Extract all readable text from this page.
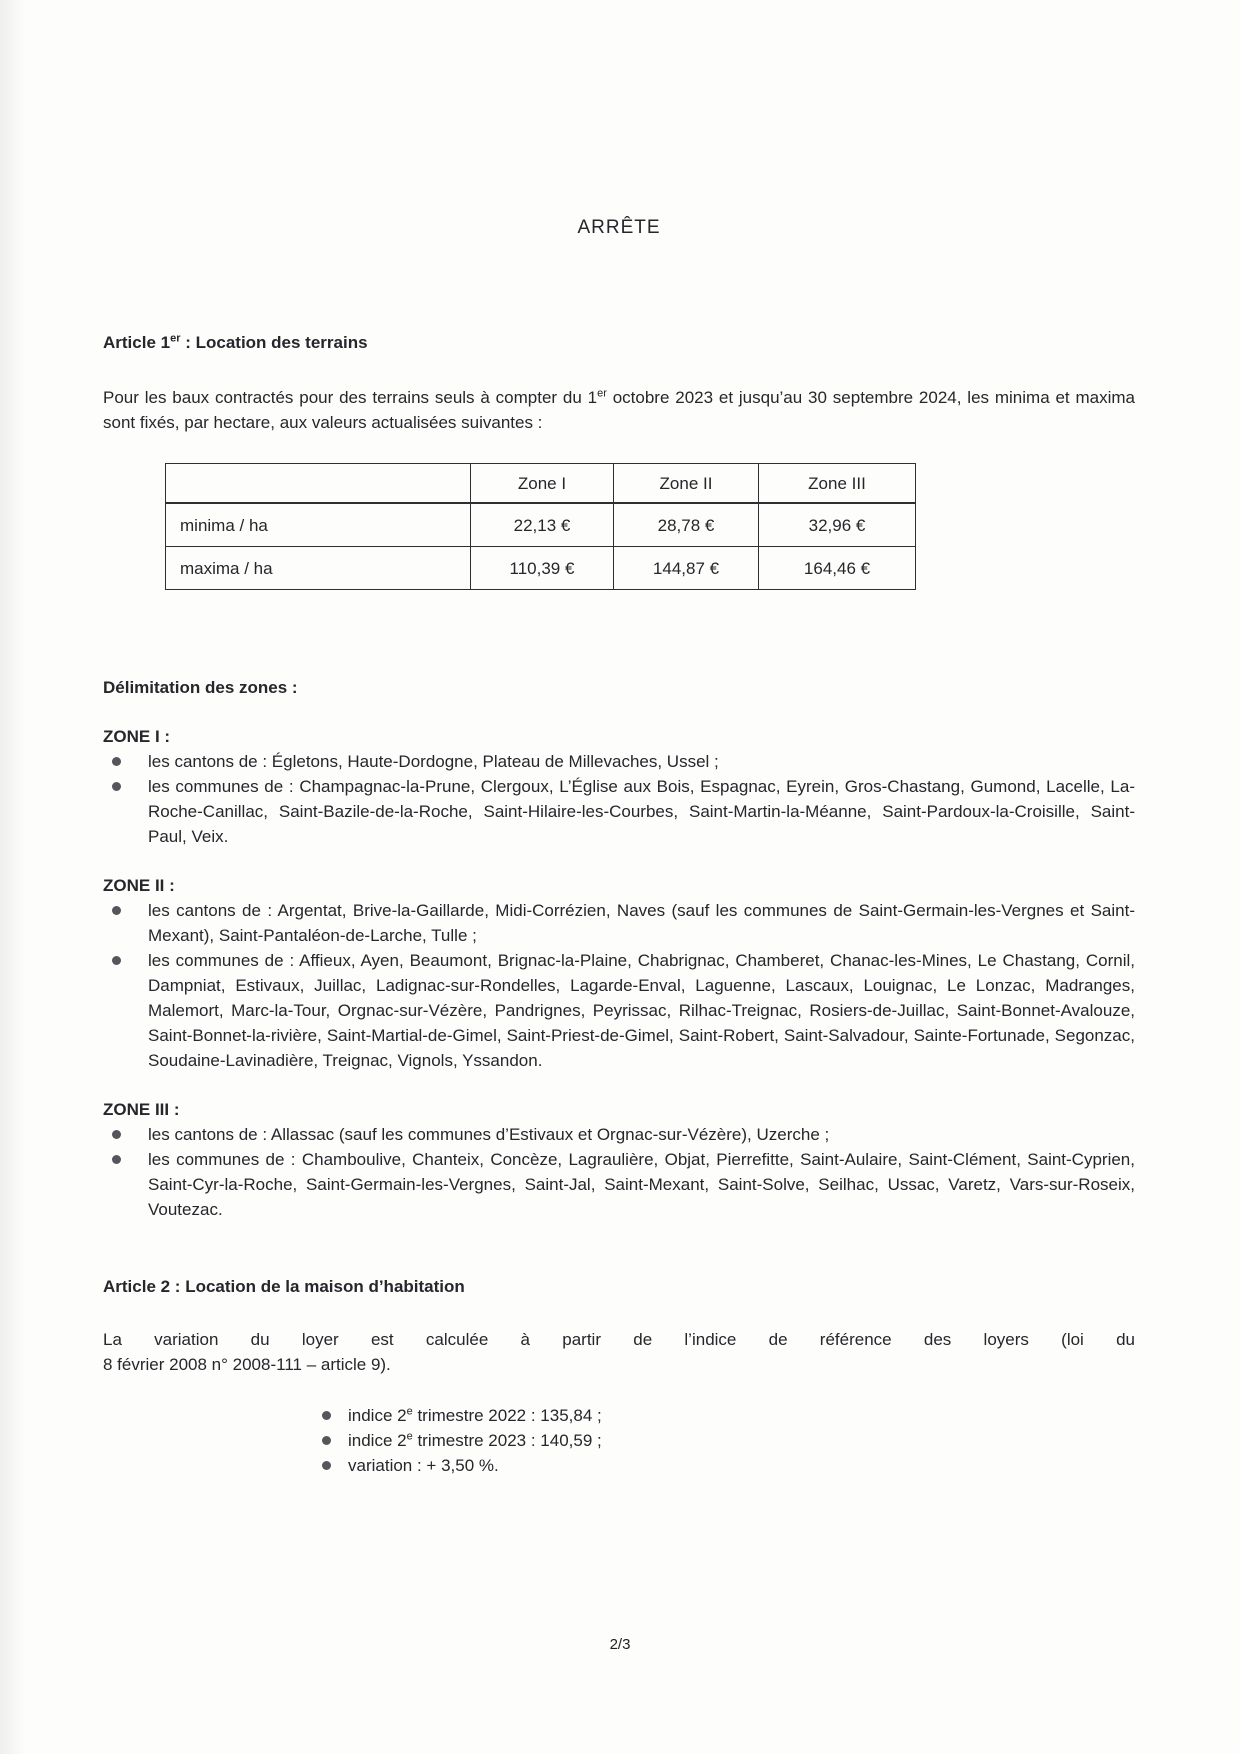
ARRÊTE
Article 1er : Location des terrains
Pour les baux contractés pour des terrains seuls à compter du 1er octobre 2023 et jusqu’au 30 septembre 2024, les minima et maxima sont fixés, par hectare, aux valeurs actualisées suivantes :
	Zone I	Zone II	Zone III
minima / ha	22,13 €	28,78 €	32,96 €
maxima / ha	110,39 €	144,87 €	164,46 €
Délimitation des zones :
ZONE I :
les cantons de : Égletons, Haute-Dordogne, Plateau de Millevaches, Ussel ;
les communes de : Champagnac-la-Prune, Clergoux, L’Église aux Bois, Espagnac, Eyrein, Gros-Chastang, Gumond, Lacelle, La-Roche-Canillac, Saint-Bazile-de-la-Roche, Saint-Hilaire-les-Courbes, Saint-Martin-la-Méanne, Saint-Pardoux-la-Croisille, Saint-Paul, Veix.
ZONE II :
les cantons de : Argentat, Brive-la-Gaillarde, Midi-Corrézien, Naves (sauf les communes de Saint-Germain-les-Vergnes et Saint-Mexant), Saint-Pantaléon-de-Larche, Tulle ;
les communes de : Affieux, Ayen, Beaumont, Brignac-la-Plaine, Chabrignac, Chamberet, Chanac-les-Mines, Le Chastang, Cornil, Dampniat, Estivaux, Juillac, Ladignac-sur-Rondelles, Lagarde-Enval, Laguenne, Lascaux, Louignac, Le Lonzac, Madranges, Malemort, Marc-la-Tour, Orgnac-sur-Vézère, Pandrignes, Peyrissac, Rilhac-Treignac, Rosiers-de-Juillac, Saint-Bonnet-Avalouze, Saint-Bonnet-la-rivière, Saint-Martial-de-Gimel, Saint-Priest-de-Gimel, Saint-Robert, Saint-Salvadour, Sainte-Fortunade, Segonzac, Soudaine-Lavinadière, Treignac, Vignols, Yssandon.
ZONE III :
les cantons de : Allassac (sauf les communes d’Estivaux et Orgnac-sur-Vézère), Uzerche ;
les communes de : Chamboulive, Chanteix, Concèze, Lagraulière, Objat, Pierrefitte, Saint-Aulaire, Saint-Clément, Saint-Cyprien, Saint-Cyr-la-Roche, Saint-Germain-les-Vergnes, Saint-Jal, Saint-Mexant, Saint-Solve, Seilhac, Ussac, Varetz, Vars-sur-Roseix, Voutezac.
Article 2 : Location de la maison d’habitation
La variation du loyer est calculée à partir de l’indice de référence des loyers (loi du
8 février 2008 n° 2008-111 – article 9).
indice 2e trimestre 2022 : 135,84 ;
indice 2e trimestre 2023 : 140,59 ;
variation : + 3,50 %.
2/3
